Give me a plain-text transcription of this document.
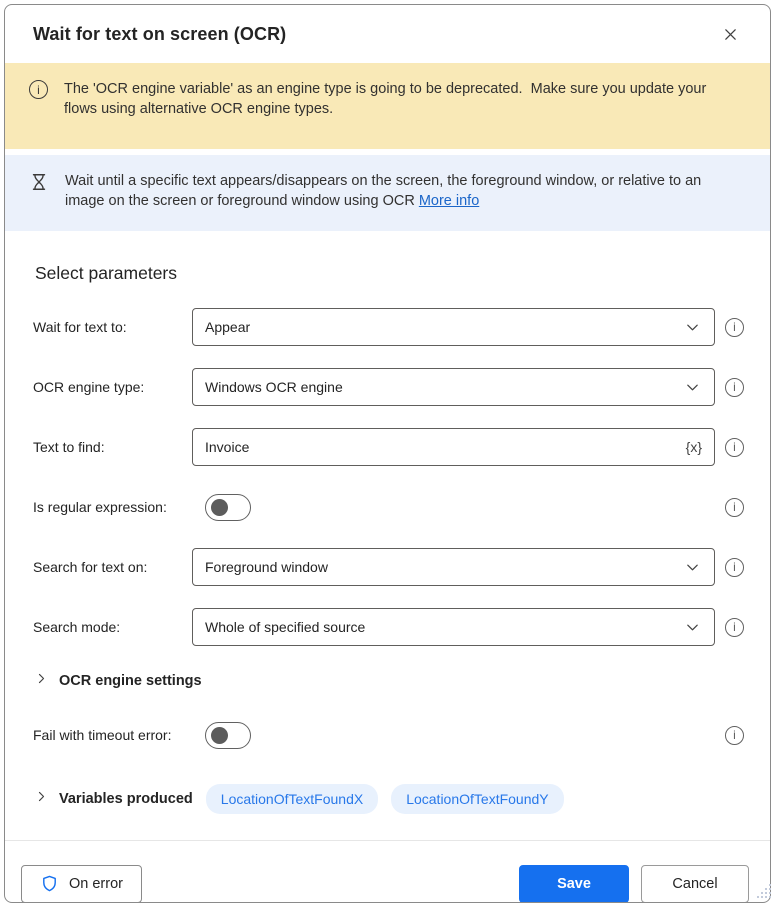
Wait for text on screen (OCR)
i

The 'OCR engine variable' as an engine type is going to be deprecated.  Make sure you update your flows using alternative OCR engine types.

Wait until a specific text appears/disappears on the screen, the foreground window, or relative to an image on the screen or foreground window using OCR More info

Select parameters
Wait for text to:	Appear
i
OCR engine type:	Windows OCR engine
i
Text to find:
Invoice	{x}
i
Is regular expression:
i
Search for text on:	Foreground window
i
Search mode:	Whole of specified source
i
OCR engine settings
Fail with timeout error:
i
Variables produced	LocationOfTextFoundX	LocationOfTextFoundY
On error	Save	Cancel
